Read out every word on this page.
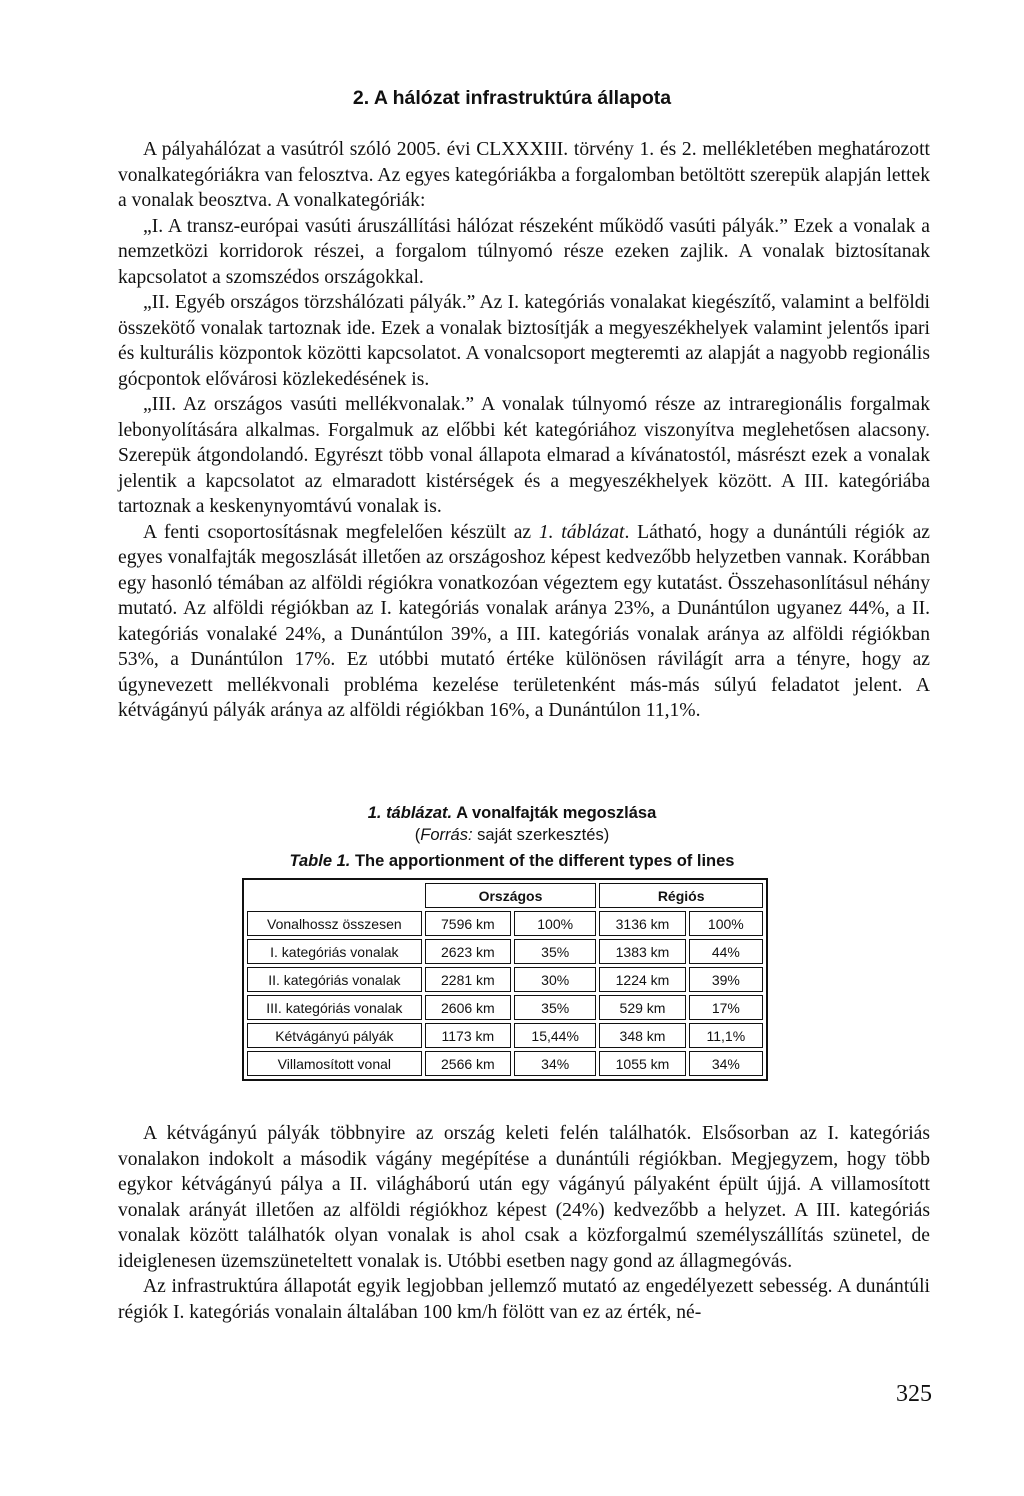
2. A hálózat infrastruktúra állapota

A pályahálózat a vasútról szóló 2005. évi CLXXXIII. törvény 1. és 2. mellékletében meghatározott vonalkategóriákra van felosztva. Az egyes kategóriákba a forgalomban betöltött szerepük alapján lettek a vonalak beosztva. A vonalkategóriák:

„I. A transz-európai vasúti áruszállítási hálózat részeként működő vasúti pályák.” Ezek a vonalak a nemzetközi korridorok részei, a forgalom túlnyomó része ezeken zajlik. A vonalak biztosítanak kapcsolatot a szomszédos országokkal.

„II. Egyéb országos törzshálózati pályák.” Az I. kategóriás vonalakat kiegészítő, valamint a belföldi összekötő vonalak tartoznak ide. Ezek a vonalak biztosítják a megyeszékhelyek valamint jelentős ipari és kulturális központok közötti kapcsolatot. A vonalcsoport megteremti az alapját a nagyobb regionális gócpontok elővárosi közlekedésének is.

„III. Az országos vasúti mellékvonalak.” A vonalak túlnyomó része az intraregionális forgalmak lebonyolítására alkalmas. Forgalmuk az előbbi két kategóriához viszonyítva meglehetősen alacsony. Szerepük átgondolandó. Egyrészt több vonal állapota elmarad a kívánatostól, másrészt ezek a vonalak jelentik a kapcsolatot az elmaradott kistérségek és a megyeszékhelyek között. A III. kategóriába tartoznak a keskenynyomtávú vonalak is.

A fenti csoportosításnak megfelelően készült az 1. táblázat. Látható, hogy a dunántúli régiók az egyes vonalfajták megoszlását illetően az országoshoz képest kedvezőbb helyzetben vannak. Korábban egy hasonló témában az alföldi régiókra vonatkozóan végeztem egy kutatást. Összehasonlításul néhány mutató. Az alföldi régiókban az I. kategóriás vonalak aránya 23%, a Dunántúlon ugyanez 44%, a II. kategóriás vonalaké 24%, a Dunántúlon 39%, a III. kategóriás vonalak aránya az alföldi régiókban 53%, a Dunántúlon 17%. Ez utóbbi mutató értéke különösen rávilágít arra a tényre, hogy az úgynevezett mellékvonali probléma kezelése területenként más-más súlyú feladatot jelent. A kétvágányú pályák aránya az alföldi régiókban 16%, a Dunántúlon 11,1%.

1. táblázat. A vonalfajták megoszlása
(Forrás: saját szerkesztés)
Table 1. The apportionment of the different types of lines
	Országos		Régiós	
Vonalhossz összesen	7596 km	100%	3136 km	100%
I. kategóriás vonalak	2623 km	35%	1383 km	44%
II. kategóriás vonalak	2281 km	30%	1224 km	39%
III. kategóriás vonalak	2606 km	35%	529 km	17%
Kétvágányú pályák	1173 km	15,44%	348 km	11,1%
Villamosított vonal	2566 km	34%	1055 km	34%

A kétvágányú pályák többnyire az ország keleti felén találhatók. Elsősorban az I. kategóriás vonalakon indokolt a második vágány megépítése a dunántúli régiókban. Megjegyzem, hogy több egykor kétvágányú pálya a II. világháború után egy vágányú pályaként épült újjá. A villamosított vonalak arányát illetően az alföldi régiókhoz képest (24%) kedvezőbb a helyzet. A III. kategóriás vonalak között találhatók olyan vonalak is ahol csak a közforgalmú személyszállítás szünetel, de ideiglenesen üzemszüneteltett vonalak is. Utóbbi esetben nagy gond az állagmegóvás.

Az infrastruktúra állapotát egyik legjobban jellemző mutató az engedélyezett sebesség. A dunántúli régiók I. kategóriás vonalain általában 100 km/h fölött van ez az érték, né-

325
